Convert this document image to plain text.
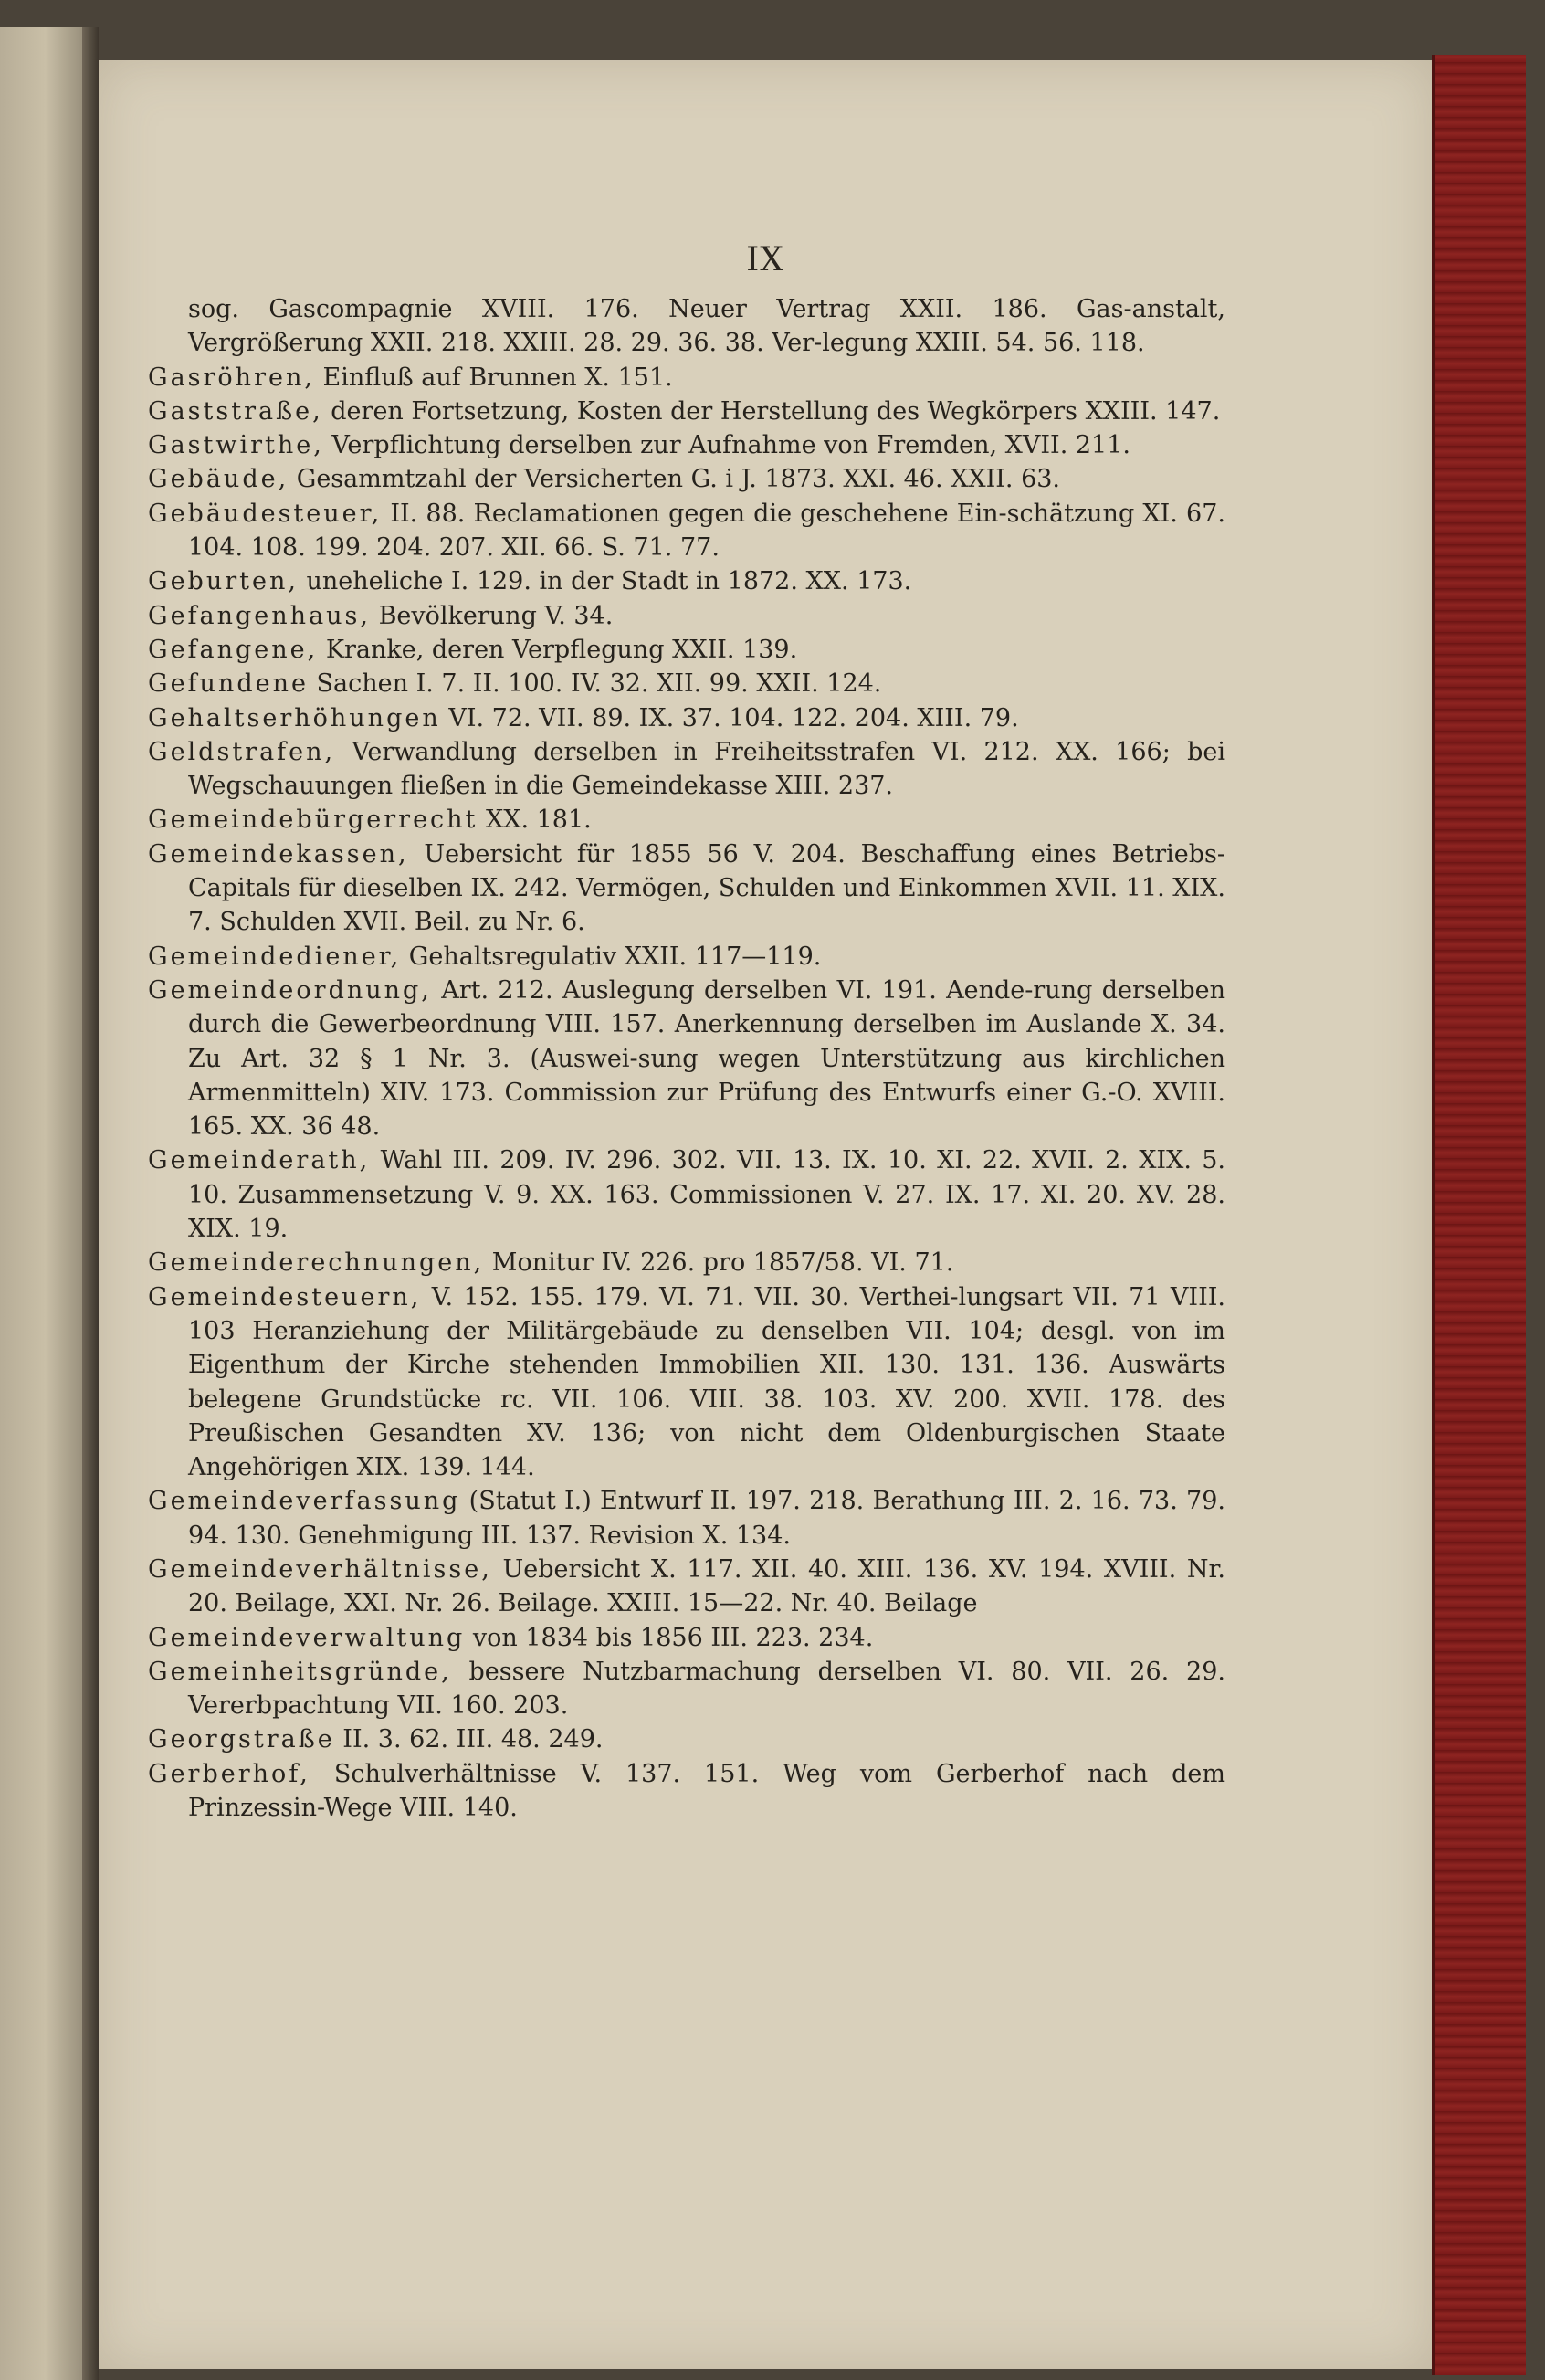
IX
sog. Gascompagnie XVIII. 176. Neuer Vertrag XXII. 186. Gas-anstalt, Vergrößerung XXII. 218. XXIII. 28. 29. 36. 38. Ver-legung XXIII. 54. 56. 118.
Gasröhren, Einfluß auf Brunnen X. 151.
Gaststraße, deren Fortsetzung, Kosten der Herstellung des Wegkörpers XXIII. 147.
Gastwirthe, Verpflichtung derselben zur Aufnahme von Fremden, XVII. 211.
Gebäude, Gesammtzahl der Versicherten G. i J. 1873. XXI. 46. XXII. 63.
Gebäudesteuer, II. 88. Reclamationen gegen die geschehene Ein-schätzung XI. 67. 104. 108. 199. 204. 207. XII. 66. S. 71. 77.
Geburten, uneheliche I. 129. in der Stadt in 1872. XX. 173.
Gefangenhaus, Bevölkerung V. 34.
Gefangene, Kranke, deren Verpflegung XXII. 139.
Gefundene Sachen I. 7. II. 100. IV. 32. XII. 99. XXII. 124.
Gehaltserhöhungen VI. 72. VII. 89. IX. 37. 104. 122. 204. XIII. 79.
Geldstrafen, Verwandlung derselben in Freiheitsstrafen VI. 212. XX. 166; bei Wegschauungen fließen in die Gemeindekasse XIII. 237.
Gemeindebürgerrecht XX. 181.
Gemeindekassen, Uebersicht für 1855 56 V. 204. Beschaffung eines Betriebs-Capitals für dieselben IX. 242. Vermögen, Schulden und Einkommen XVII. 11. XIX. 7. Schulden XVII. Beil. zu Nr. 6.
Gemeindediener, Gehaltsregulativ XXII. 117—119.
Gemeindeordnung, Art. 212. Auslegung derselben VI. 191. Aende-rung derselben durch die Gewerbeordnung VIII. 157. Anerkennung derselben im Auslande X. 34. Zu Art. 32 § 1 Nr. 3. (Auswei-sung wegen Unterstützung aus kirchlichen Armenmitteln) XIV. 173. Commission zur Prüfung des Entwurfs einer G.-O. XVIII. 165. XX. 36 48.
Gemeinderath, Wahl III. 209. IV. 296. 302. VII. 13. IX. 10. XI. 22. XVII. 2. XIX. 5. 10. Zusammensetzung V. 9. XX. 163. Commissionen V. 27. IX. 17. XI. 20. XV. 28. XIX. 19.
Gemeinderechnungen, Monitur IV. 226. pro 1857/58. VI. 71.
Gemeindesteuern, V. 152. 155. 179. VI. 71. VII. 30. Verthei-lungsart VII. 71 VIII. 103 Heranziehung der Militärgebäude zu denselben VII. 104; desgl. von im Eigenthum der Kirche stehenden Immobilien XII. 130. 131. 136. Auswärts belegene Grundstücke rc. VII. 106. VIII. 38. 103. XV. 200. XVII. 178. des Preußischen Gesandten XV. 136; von nicht dem Oldenburgischen Staate Angehörigen XIX. 139. 144.
Gemeindeverfassung (Statut I.) Entwurf II. 197. 218. Berathung III. 2. 16. 73. 79. 94. 130. Genehmigung III. 137. Revision X. 134.
Gemeindeverhältnisse, Uebersicht X. 117. XII. 40. XIII. 136. XV. 194. XVIII. Nr. 20. Beilage, XXI. Nr. 26. Beilage. XXIII. 15—22. Nr. 40. Beilage
Gemeindeverwaltung von 1834 bis 1856 III. 223. 234.
Gemeinheitsgründe, bessere Nutzbarmachung derselben VI. 80. VII. 26. 29. Vererbpachtung VII. 160. 203.
Georgstraße II. 3. 62. III. 48. 249.
Gerberhof, Schulverhältnisse V. 137. 151. Weg vom Gerberhof nach dem Prinzessin-Wege VIII. 140.
